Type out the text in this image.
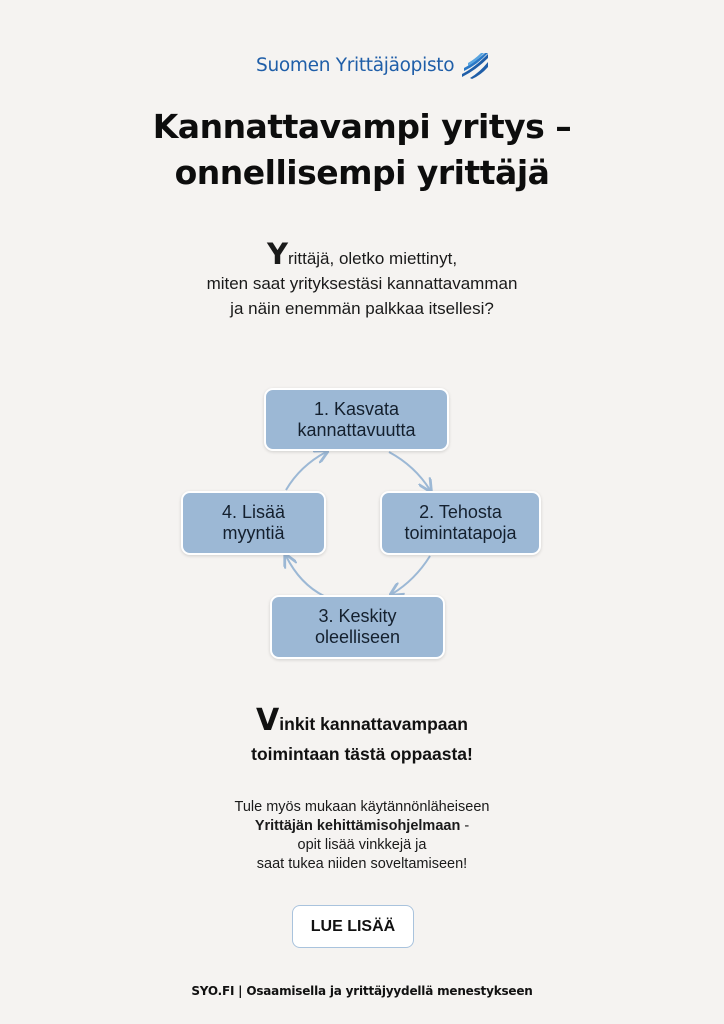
Suomen Yrittäjäopisto
Kannattavampi yritys –
onnellisempi yrittäjä
Yrittäjä, oletko miettinyt,
miten saat yrityksestäsi kannattavamman
ja näin enemmän palkkaa itsellesi?
1. Kasvata
kannattavuutta
2. Tehosta
toimintatapoja
3. Keskity
oleelliseen
4. Lisää
myyntiä
Vinkit kannattavampaan
toimintaan tästä oppaasta!
Tule myös mukaan käytännönläheiseen
Yrittäjän kehittämisohjelmaan -
opit lisää vinkkejä ja
saat tukea niiden soveltamiseen!
LUE LISÄÄ
SYO.FI | Osaamisella ja yrittäjyydellä menestykseen
